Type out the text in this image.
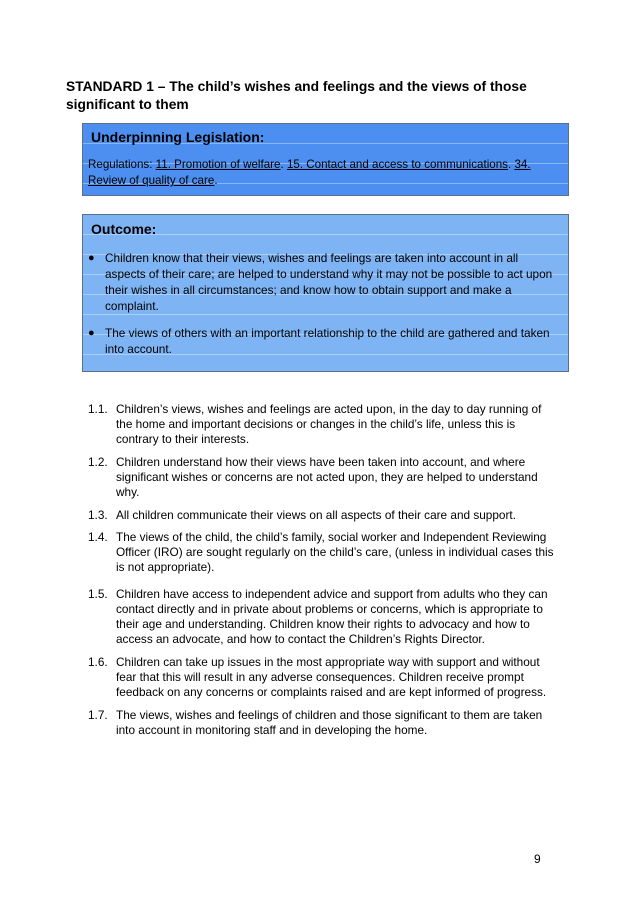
STANDARD 1 – The child’s wishes and feelings and the views of those significant to them
Underpinning Legislation:
Regulations: 11. Promotion of welfare. 15. Contact and access to communications. 34. Review of quality of care.
Outcome:
● Children know that their views, wishes and feelings are taken into account in all aspects of their care; are helped to understand why it may not be possible to act upon their wishes in all circumstances; and know how to obtain support and make a complaint.
● The views of others with an important relationship to the child are gathered and taken into account.
1.1. Children’s views, wishes and feelings are acted upon, in the day to day running of the home and important decisions or changes in the child’s life, unless this is contrary to their interests.
1.2. Children understand how their views have been taken into account, and where significant wishes or concerns are not acted upon, they are helped to understand why.
1.3. All children communicate their views on all aspects of their care and support.
1.4. The views of the child, the child’s family, social worker and Independent Reviewing Officer (IRO) are sought regularly on the child’s care, (unless in individual cases this is not appropriate).
1.5. Children have access to independent advice and support from adults who they can contact directly and in private about problems or concerns, which is appropriate to their age and understanding. Children know their rights to advocacy and how to access an advocate, and how to contact the Children’s Rights Director.
1.6. Children can take up issues in the most appropriate way with support and without fear that this will result in any adverse consequences. Children receive prompt feedback on any concerns or complaints raised and are kept informed of progress.
1.7. The views, wishes and feelings of children and those significant to them are taken into account in monitoring staff and in developing the home.
9
